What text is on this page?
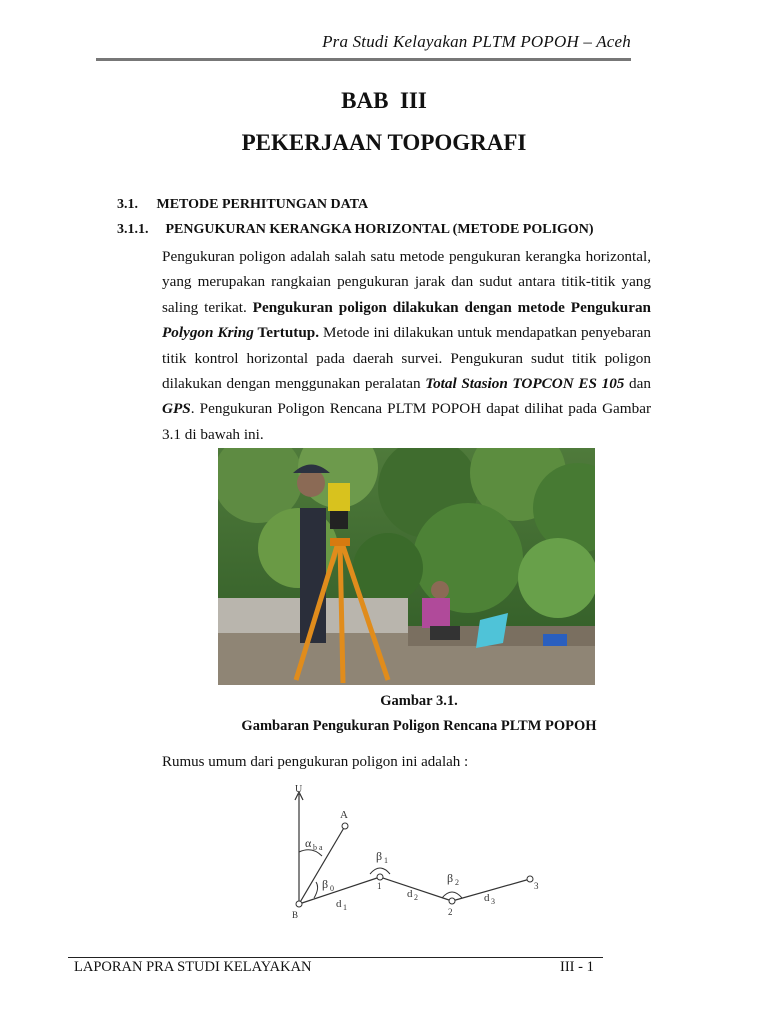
Pra Studi Kelayakan PLTM POPOH – Aceh
BAB  III
PEKERJAAN TOPOGRAFI
3.1. METODE PERHITUNGAN DATA
3.1.1. PENGUKURAN KERANGKA HORIZONTAL (METODE POLIGON)

Pengukuran poligon adalah salah satu metode pengukuran kerangka horizontal, yang merupakan rangkaian pengukuran jarak dan sudut antara titik-titik yang saling terikat. Pengukuran poligon dilakukan dengan metode Pengukuran Polygon Kring Tertutup. Metode ini dilakukan untuk mendapatkan penyebaran titik kontrol horizontal pada daerah survei. Pengukuran sudut titik poligon dilakukan dengan menggunakan peralatan Total Stasion TOPCON ES 105 dan GPS. Pengukuran Poligon Rencana PLTM POPOH dapat dilihat pada Gambar 3.1 di bawah ini.

Gambar 3.1.
Gambaran Pengukuran Poligon Rencana PLTM POPOH
Rumus umum dari pengukuran poligon ini adalah :
U
A
α b a
β 0
β 1
β 2
d 1
d 2	d 3
B
1
2
3
LAPORAN PRA STUDI KELAYAKAN	III - 1
